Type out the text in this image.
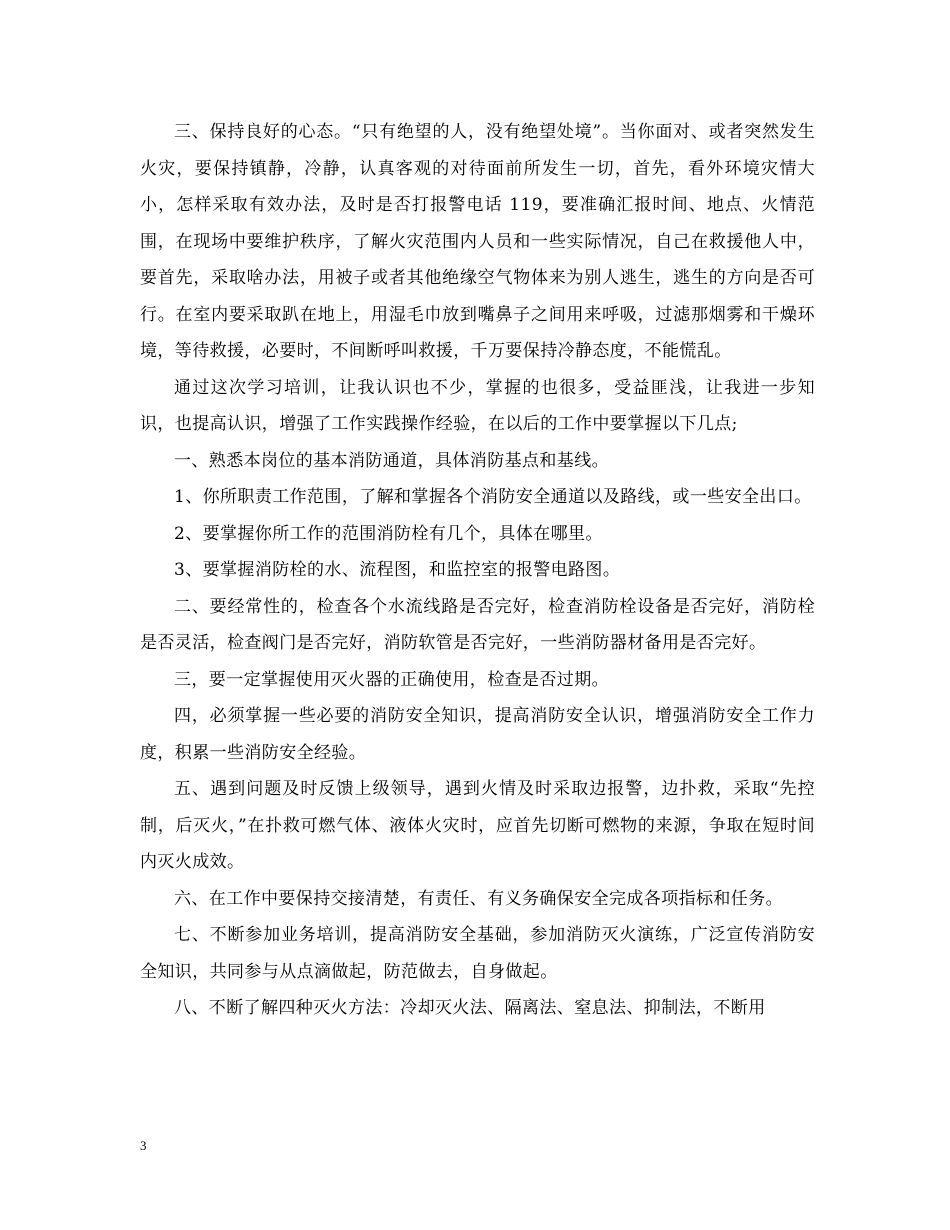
三、保持良好的心态。“只有绝望的人，没有绝望处境”。当你面对、或者突然发生火灾，要保持镇静，冷静，认真客观的对待面前所发生一切，首先，看外环境灾情大小，怎样采取有效办法，及时是否打报警电话 119，要准确汇报时间、地点、火情范围，在现场中要维护秩序，了解火灾范围内人员和一些实际情况，自己在救援他人中，要首先，采取啥办法，用被子或者其他绝缘空气物体来为别人逃生，逃生的方向是否可行。在室内要采取趴在地上，用湿毛巾放到嘴鼻子之间用来呼吸，过滤那烟雾和干燥环境，等待救援，必要时，不间断呼叫救援，千万要保持冷静态度，不能慌乱。

通过这次学习培训，让我认识也不少，掌握的也很多，受益匪浅，让我进一步知识，也提高认识，增强了工作实践操作经验，在以后的工作中要掌握以下几点;

一、熟悉本岗位的基本消防通道，具体消防基点和基线。

1、你所职责工作范围，了解和掌握各个消防安全通道以及路线，或一些安全出口。

2、要掌握你所工作的范围消防栓有几个，具体在哪里。

3、要掌握消防栓的水、流程图，和监控室的报警电路图。

二、要经常性的，检查各个水流线路是否完好，检查消防栓设备是否完好，消防栓是否灵活，检查阀门是否完好，消防软管是否完好，一些消防器材备用是否完好。

三，要一定掌握使用灭火器的正确使用，检查是否过期。

四，必须掌握一些必要的消防安全知识，提高消防安全认识，增强消防安全工作力度，积累一些消防安全经验。

五、遇到问题及时反馈上级领导，遇到火情及时采取边报警，边扑救，采取“先控制，后灭火，”在扑救可燃气体、液体火灾时，应首先切断可燃物的来源，争取在短时间内灭火成效。

六、在工作中要保持交接清楚，有责任、有义务确保安全完成各项指标和任务。

七、不断参加业务培训，提高消防安全基础，参加消防灭火演练，广泛宣传消防安全知识，共同参与从点滴做起，防范做去，自身做起。

八、不断了解四种灭火方法：冷却灭火法、隔离法、窒息法、抑制法，不断用

3
